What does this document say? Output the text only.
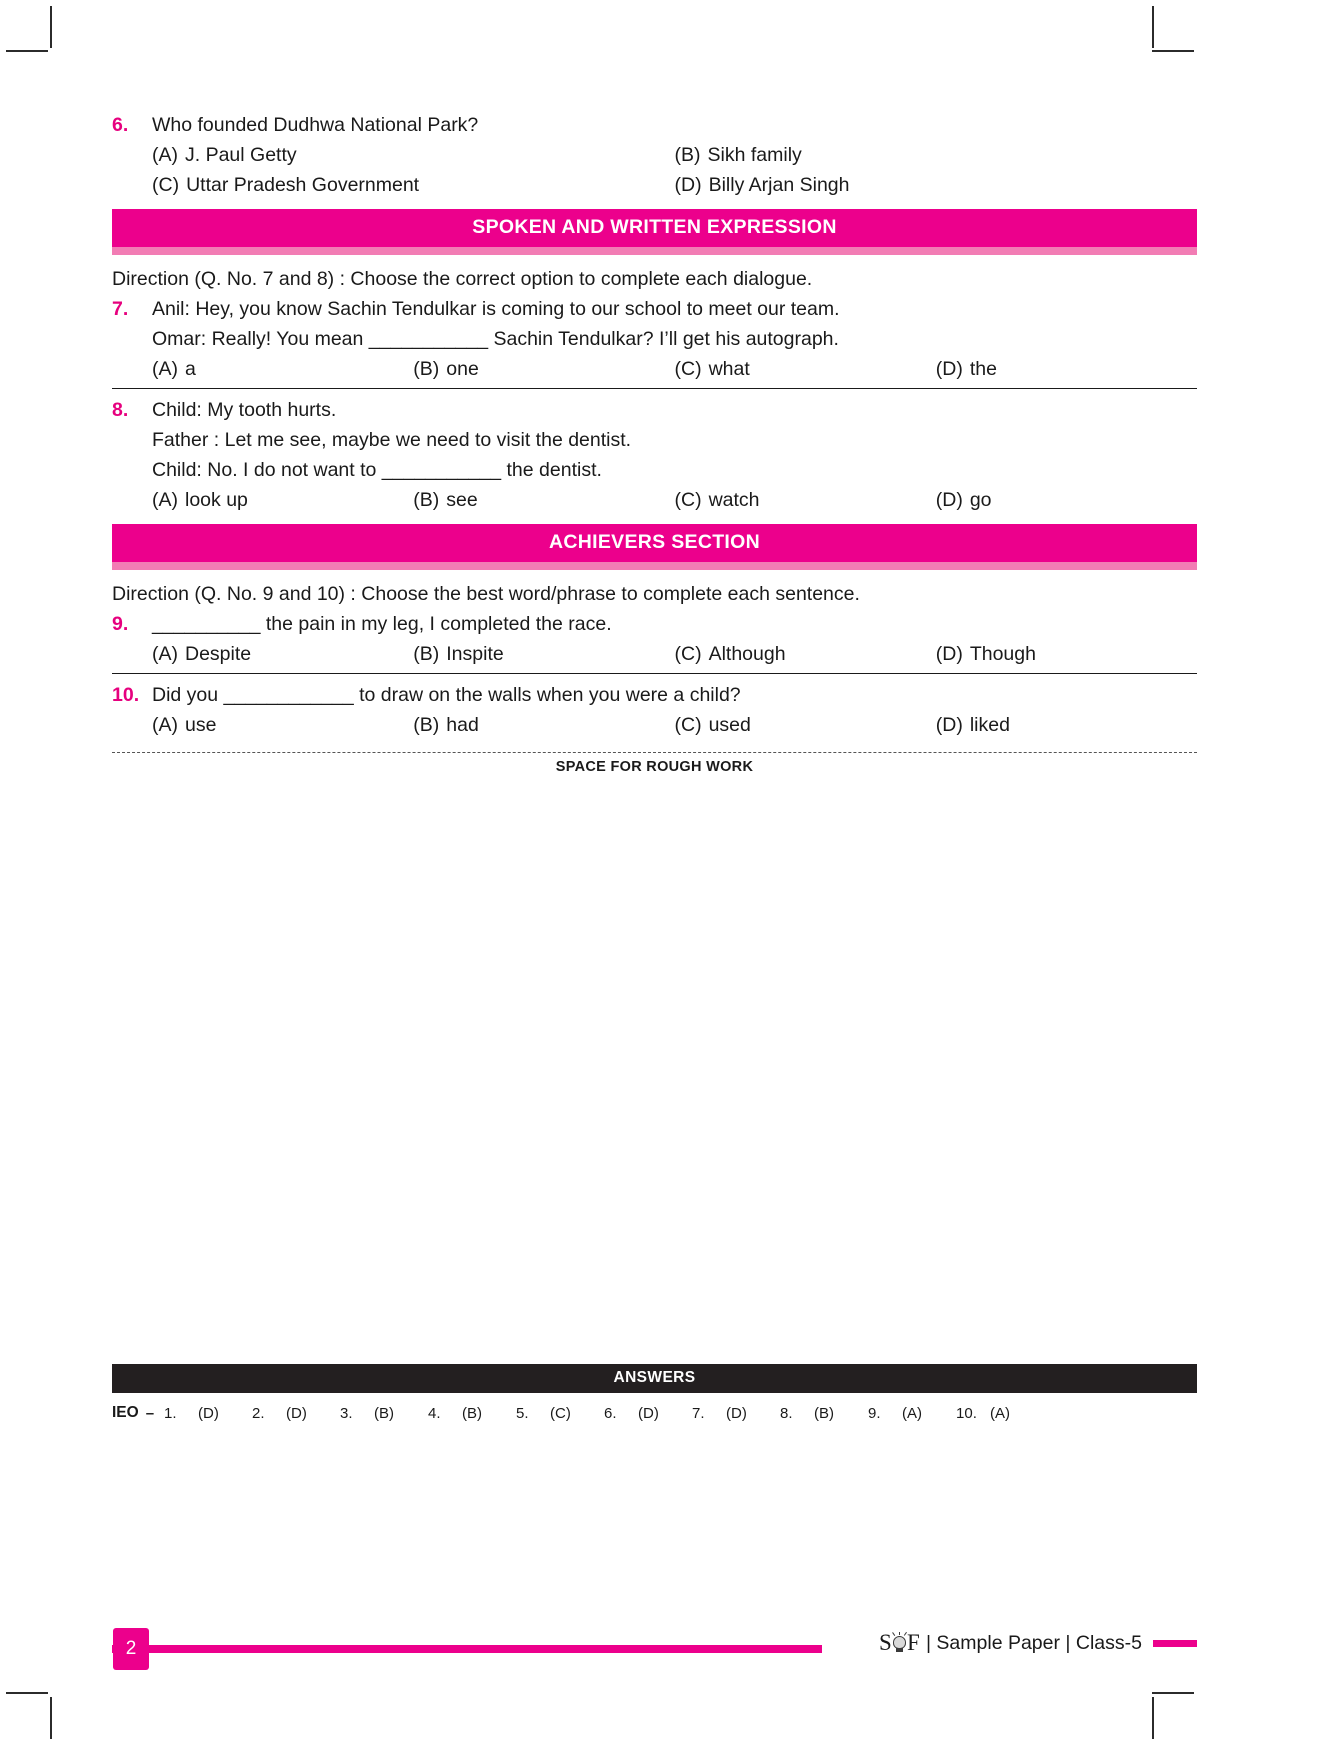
6.	Who founded Dudhwa National Park?
(A) J. Paul Getty	(B) Sikh family
(C) Uttar Pradesh Government	(D) Billy Arjan Singh
SPOKEN AND WRITTEN EXPRESSION
Direction (Q. No. 7 and 8) : Choose the correct option to complete each dialogue.
7.	Anil: Hey, you know Sachin Tendulkar is coming to our school to meet our team.
Omar: Really! You mean ___________ Sachin Tendulkar? I’ll get his autograph.
(A) a	(B) one	(C) what	(D) the
8.	Child: My tooth hurts.
Father : Let me see, maybe we need to visit the dentist.
Child: No. I do not want to ___________ the dentist.
(A) look up	(B) see	(C) watch	(D) go
ACHIEVERS SECTION
Direction (Q. No. 9 and 10) : Choose the best word/phrase to complete each sentence.
9.	__________ the pain in my leg, I completed the race.
(A) Despite	(B) Inspite	(C) Although	(D) Though
10. Did you ____________ to draw on the walls when you were a child?
(A) use	(B) had	(C) used	(D) liked
SPACE FOR ROUGH WORK
ANSWERS
IEO – 1.	(D) 2.	(D) 3.	(B) 4.	(B) 5.	(C) 6.	(D) 7.	(D) 8.	(B) 9.	(A) 10. (A)
2	S F | Sample Paper | Class-5
